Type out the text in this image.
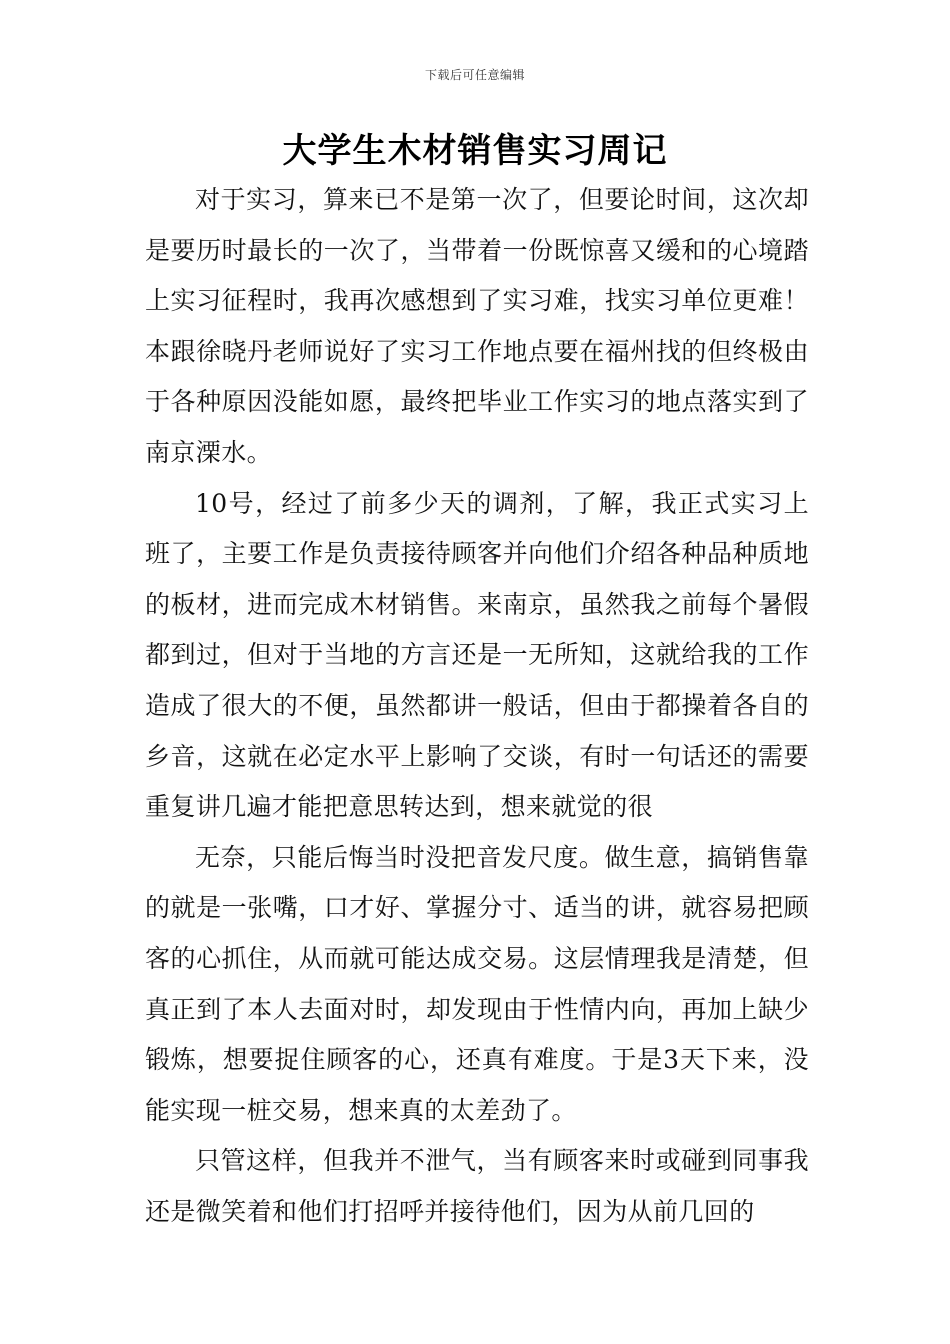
下载后可任意编辑
大学生木材销售实习周记

对于实习，算来已不是第一次了，但要论时间，这次却是要历时最长的一次了，当带着一份既惊喜又缓和的心境踏上实习征程时，我再次感想到了实习难，找实习单位更难！本跟徐晓丹老师说好了实习工作地点要在福州找的但终极由于各种原因没能如愿，最终把毕业工作实习的地点落实到了南京溧水。

10号，经过了前多少天的调剂，了解，我正式实习上班了，主要工作是负责接待顾客并向他们介绍各种品种质地的板材，进而完成木材销售。来南京，虽然我之前每个暑假都到过，但对于当地的方言还是一无所知，这就给我的工作造成了很大的不便，虽然都讲一般话，但由于都操着各自的乡音，这就在必定水平上影响了交谈，有时一句话还的需要重复讲几遍才能把意思转达到，想来就觉的很

无奈，只能后悔当时没把音发尺度。做生意，搞销售靠的就是一张嘴，口才好、掌握分寸、适当的讲，就容易把顾客的心抓住，从而就可能达成交易。这层情理我是清楚，但真正到了本人去面对时，却发现由于性情内向，再加上缺少锻炼，想要捉住顾客的心，还真有难度。于是3天下来，没能实现一桩交易，想来真的太差劲了。

只管这样，但我并不泄气，当有顾客来时或碰到同事我还是微笑着和他们打招呼并接待他们，因为从前几回的
